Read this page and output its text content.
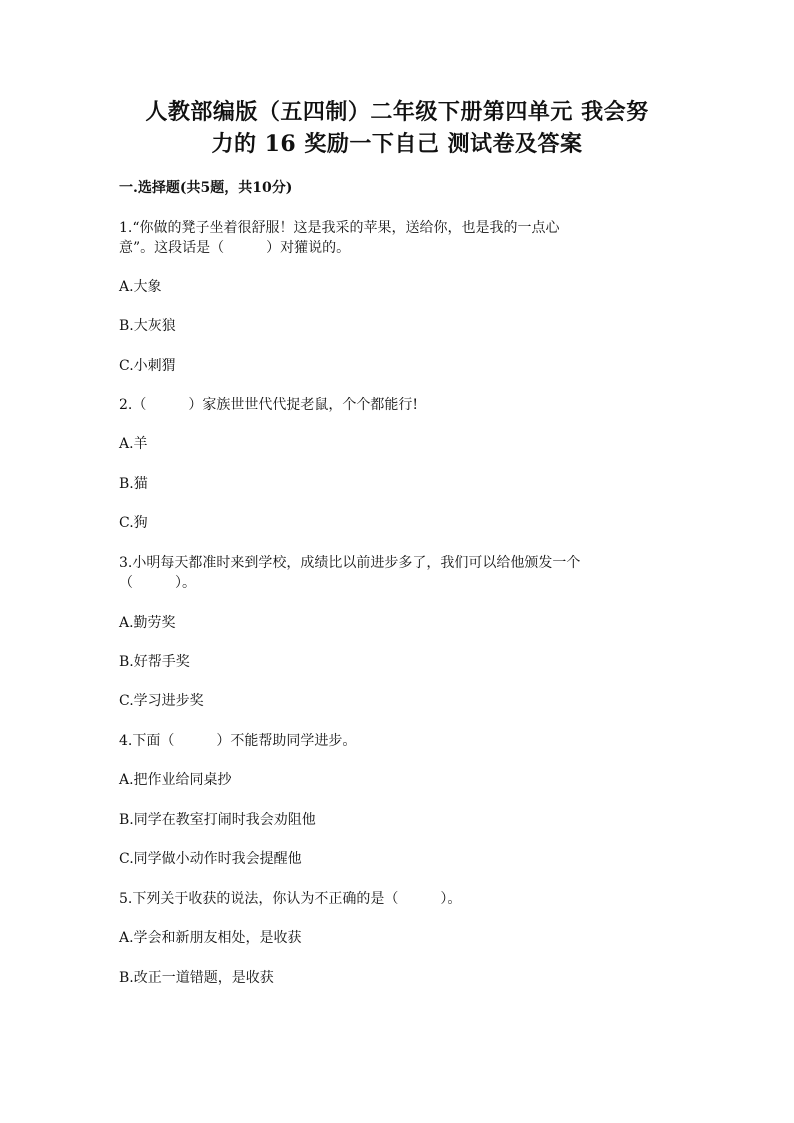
人教部编版（五四制）二年级下册第四单元 我会努
力的 16 奖励一下自己 测试卷及答案
一.选择题(共5题，共10分)
1.“你做的凳子坐着很舒服！这是我采的苹果，送给你，也是我的一点心
意”。这段话是（　　　）对獾说的。
A.大象
B.大灰狼
C.小刺猬
2.（　　　）家族世世代代捉老鼠，个个都能行!
A.羊
B.猫
C.狗
3.小明每天都准时来到学校，成绩比以前进步多了，我们可以给他颁发一个
（　　　）。
A.勤劳奖
B.好帮手奖
C.学习进步奖
4.下面（　　　）不能帮助同学进步。
A.把作业给同桌抄
B.同学在教室打闹时我会劝阻他
C.同学做小动作时我会提醒他
5.下列关于收获的说法，你认为不正确的是（　　　）。
A.学会和新朋友相处，是收获
B.改正一道错题，是收获
